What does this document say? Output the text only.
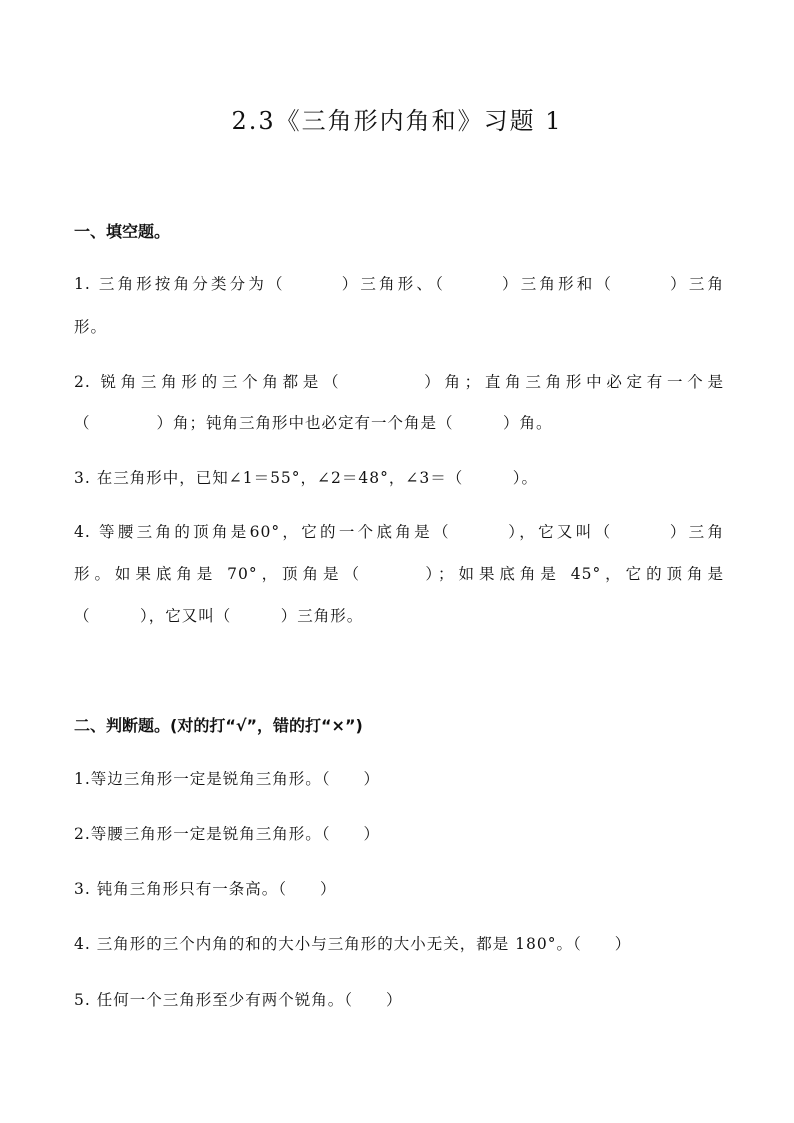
2.3《三角形内角和》习题 1
一、填空题。
1. 三角形按角分类分为（　　　）三角形、（　　　）三角形和（　　　）三角
形。
2. 锐角三角形的三个角都是（　　　　）角；直角三角形中必定有一个是
（　　　　）角；钝角三角形中也必定有一个角是（　　　）角。
3. 在三角形中，已知∠1＝55°，∠2＝48°，∠3＝（　　　）。
4. 等腰三角的顶角是60°，它的一个底角是（　　　），它又叫（　　　）三角
形。如果底角是 70°，顶角是（　　　）；如果底角是 45°，它的顶角是
（　　　），它又叫（　　　）三角形。
二、判断题。(对的打“√”，错的打“×”)
1.等边三角形一定是锐角三角形。（　　）
2.等腰三角形一定是锐角三角形。（　　）
3. 钝角三角形只有一条高。（　　）
4. 三角形的三个内角的和的大小与三角形的大小无关，都是 180°。（　　）
5. 任何一个三角形至少有两个锐角。（　　）
